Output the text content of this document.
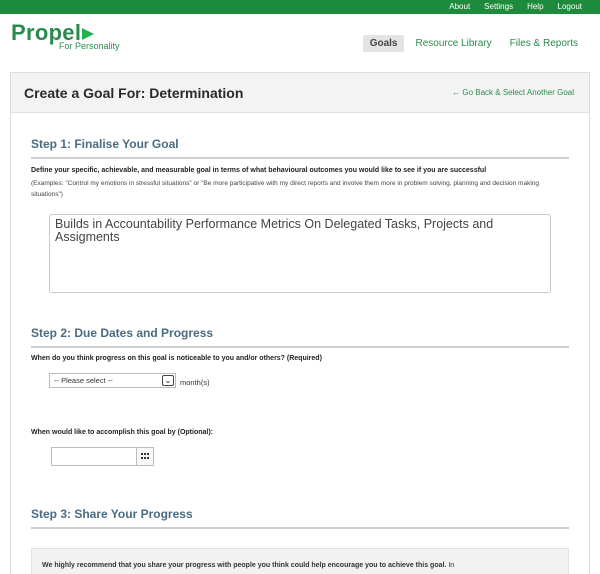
About Settings Help Logout
Propel
For Personality	Goals	Resource Library	Files & Reports
Create a Goal For: Determination	← Go Back & Select Another Goal
Step 1: Finalise Your Goal
Define your specific, achievable, and measurable goal in terms of what behavioural outcomes you would like to see if you are successful
(Examples: "Control my emotions in stressful situations" or "Be more participative with my direct reports and involve them more in problem solving, planning and decision making situations")
Builds in Accountability Performance Metrics On Delegated Tasks, Projects and Assigments
Step 2: Due Dates and Progress
When do you think progress on this goal is noticeable to you and/or others? (Required)
-- Please select --	⌄	month(s)
When would like to accomplish this goal by (Optional):
Step 3: Share Your Progress
We highly recommend that you share your progress with people you think could help encourage you to achieve this goal. In
